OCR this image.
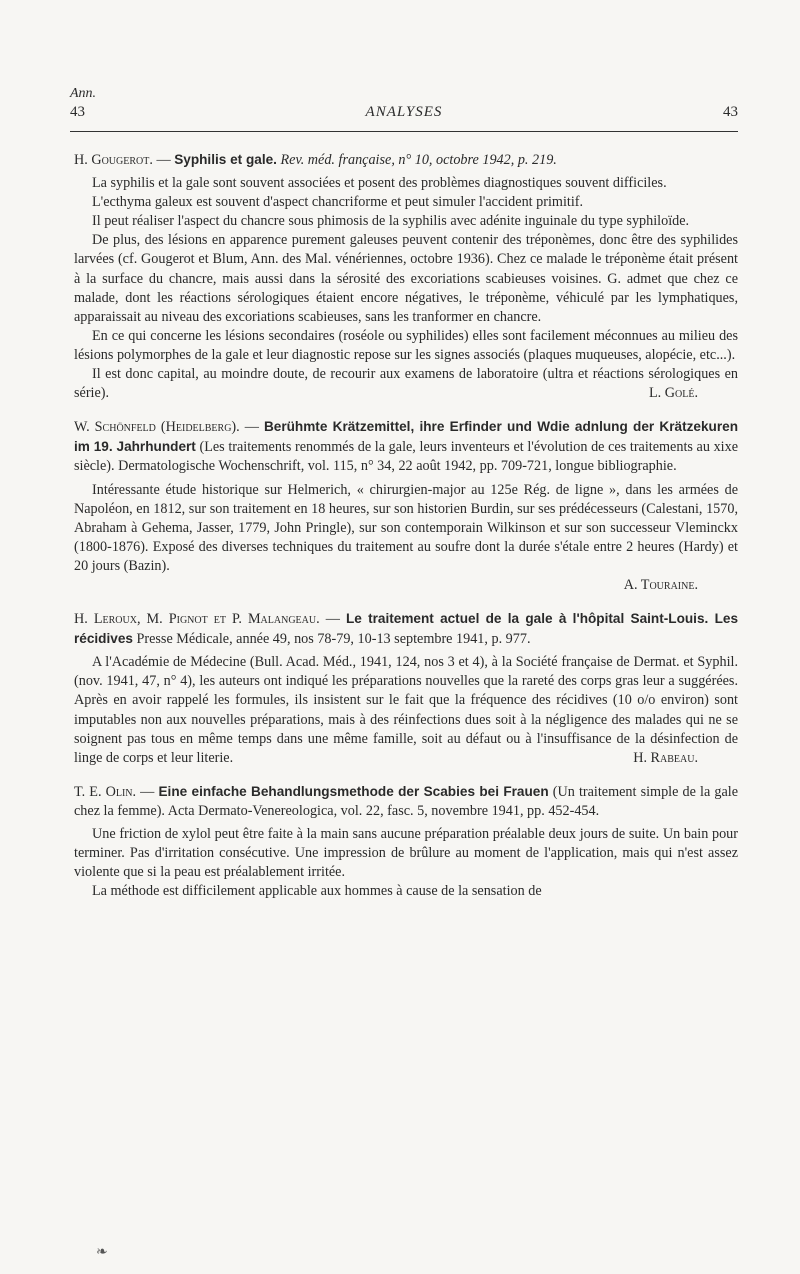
Ann.
43	ANALYSES	43
H. Gougerot. — Syphilis et gale. Rev. méd. française, n° 10, octobre 1942, p. 219.

La syphilis et la gale sont souvent associées et posent des problèmes diagnostiques souvent difficiles.

L'ecthyma galeux est souvent d'aspect chancriforme et peut simuler l'accident primitif.

Il peut réaliser l'aspect du chancre sous phimosis de la syphilis avec adénite inguinale du type syphiloïde.

De plus, des lésions en apparence purement galeuses peuvent contenir des tréponèmes, donc être des syphilides larvées (cf. Gougerot et Blum, Ann. des Mal. vénériennes, octobre 1936). Chez ce malade le tréponème était présent à la surface du chancre, mais aussi dans la sérosité des excoriations scabieuses voisines. G. admet que chez ce malade, dont les réactions sérologiques étaient encore négatives, le tréponème, véhiculé par les lymphatiques, apparaissait au niveau des excoriations scabieuses, sans les tranformer en chancre.

En ce qui concerne les lésions secondaires (roséole ou syphilides) elles sont facilement méconnues au milieu des lésions polymorphes de la gale et leur diagnostic repose sur les signes associés (plaques muqueuses, alopécie, etc...).

Il est donc capital, au moindre doute, de recourir aux examens de laboratoire (ultra et réactions sérologiques en série).	L. Golé.

W. Schönfeld (Heidelberg). — Berühmte Krätzemittel, ihre Erfinder und Wdie adnlung der Krätzekuren im 19. Jahrhundert (Les traitements renommés de la gale, leurs inventeurs et l'évolution de ces traitements au xixe siècle). Dermatologische Wochenschrift, vol. 115, n° 34, 22 août 1942, pp. 709-721, longue bibliographie.

Intéressante étude historique sur Helmerich, « chirurgien-major au 125e Rég. de ligne », dans les armées de Napoléon, en 1812, sur son traitement en 18 heures, sur son historien Burdin, sur ses prédécesseurs (Calestani, 1570, Abraham à Gehema, Jasser, 1779, John Pringle), sur son contemporain Wilkinson et sur son successeur Vleminckx (1800-1876). Exposé des diverses techniques du traitement au soufre dont la durée s'étale entre 2 heures (Hardy) et 20 jours (Bazin).

A. Touraine.
H. Leroux, M. Pignot et P. Malangeau. — Le traitement actuel de la gale à l'hôpital Saint-Louis. Les récidives Presse Médicale, année 49, nos 78-79, 10-13 septembre 1941, p. 977.

A l'Académie de Médecine (Bull. Acad. Méd., 1941, 124, nos 3 et 4), à la Société française de Dermat. et Syphil. (nov. 1941, 47, n° 4), les auteurs ont indiqué les préparations nouvelles que la rareté des corps gras leur a suggérées. Après en avoir rappelé les formules, ils insistent sur le fait que la fréquence des récidives (10 o/o environ) sont imputables non aux nouvelles préparations, mais à des réinfections dues soit à la négligence des malades qui ne se soignent pas tous en même temps dans une même famille, soit au défaut ou à l'insuffisance de la désinfection de linge de corps et leur literie.	H. Rabeau.

T. E. Olin. — Eine einfache Behandlungsmethode der Scabies bei Frauen (Un traitement simple de la gale chez la femme). Acta Dermato-Venereologica, vol. 22, fasc. 5, novembre 1941, pp. 452-454.

Une friction de xylol peut être faite à la main sans aucune préparation préalable deux jours de suite. Un bain pour terminer. Pas d'irritation consécutive. Une impression de brûlure au moment de l'application, mais qui n'est assez violente que si la peau est préalablement irritée.

La méthode est difficilement applicable aux hommes à cause de la sensation de

❧
